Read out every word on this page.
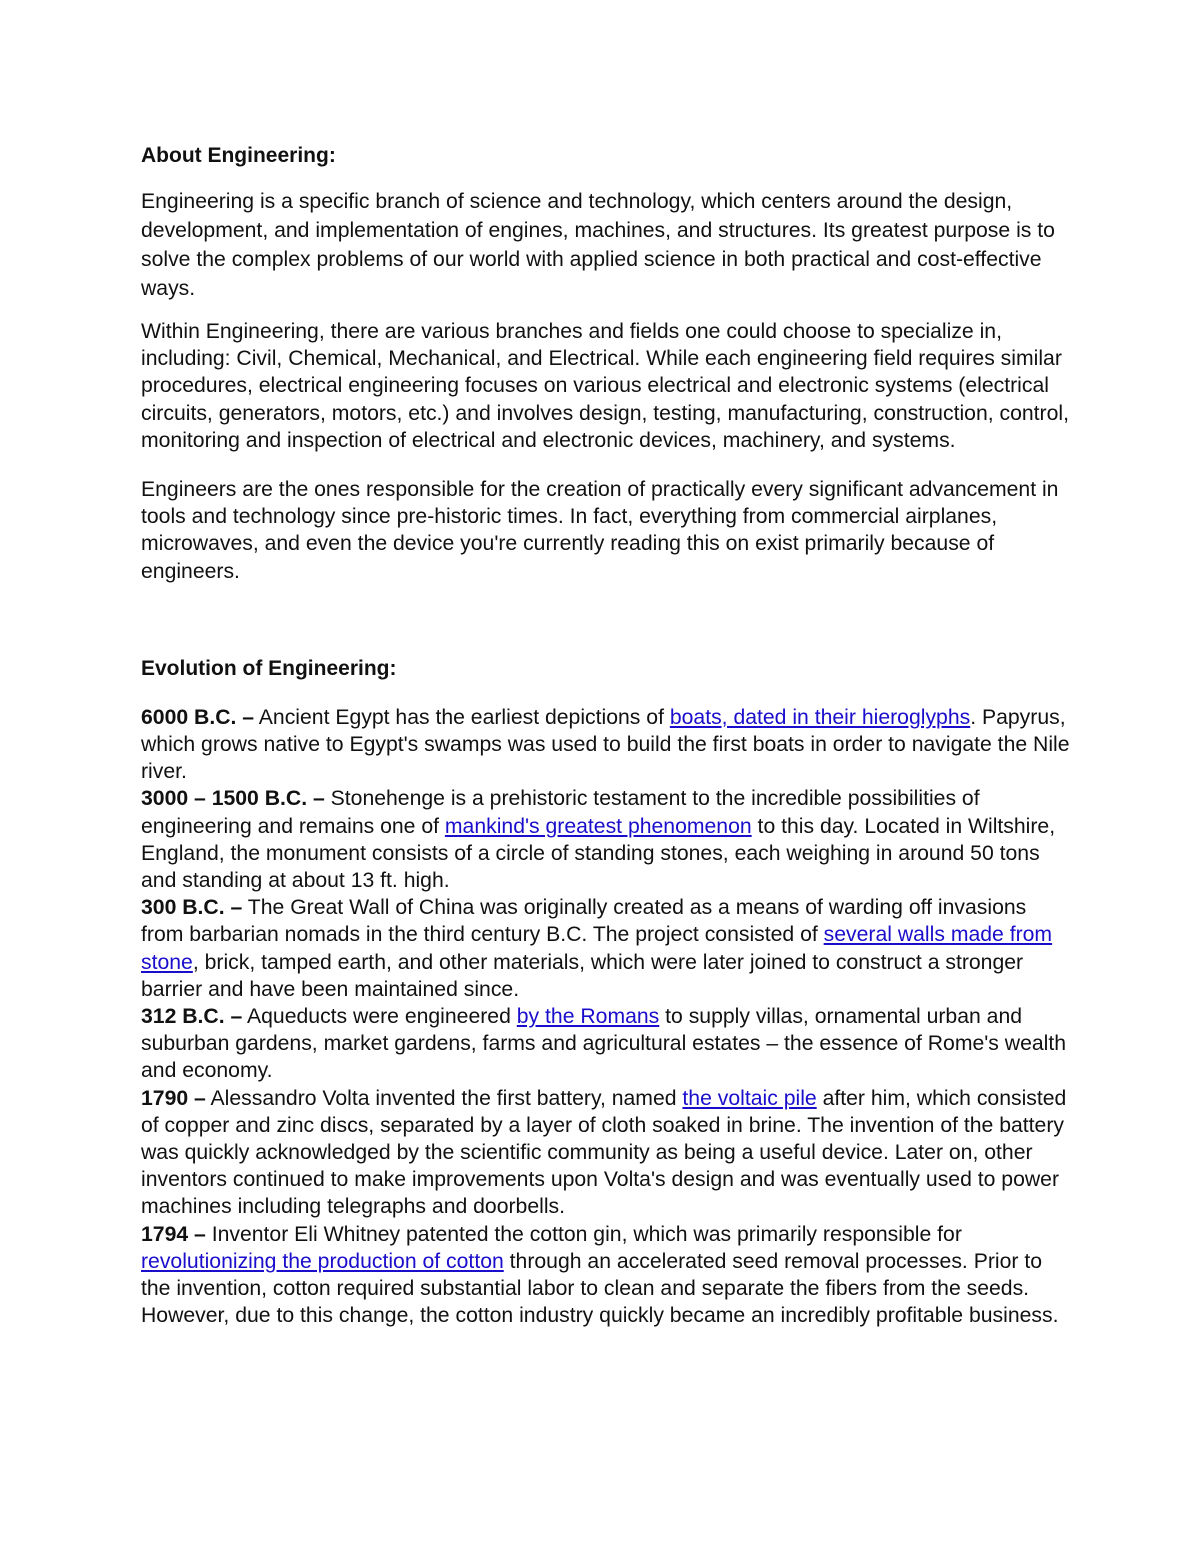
About Engineering:

Engineering is a specific branch of science and technology, which centers around the design, development, and implementation of engines, machines, and structures. Its greatest purpose is to solve the complex problems of our world with applied science in both practical and cost-effective ways.

Within Engineering, there are various branches and fields one could choose to specialize in, including: Civil, Chemical, Mechanical, and Electrical. While each engineering field requires similar procedures, electrical engineering focuses on various electrical and electronic systems (electrical circuits, generators, motors, etc.) and involves design, testing, manufacturing, construction, control, monitoring and inspection of electrical and electronic devices, machinery, and systems.

Engineers are the ones responsible for the creation of practically every significant advancement in tools and technology since pre-historic times. In fact, everything from commercial airplanes, microwaves, and even the device you're currently reading this on exist primarily because of engineers.

Evolution of Engineering:

6000 B.C. – Ancient Egypt has the earliest depictions of boats, dated in their hieroglyphs. Papyrus, which grows native to Egypt's swamps was used to build the first boats in order to navigate the Nile river.

3000 – 1500 B.C. – Stonehenge is a prehistoric testament to the incredible possibilities of engineering and remains one of mankind's greatest phenomenon to this day. Located in Wiltshire, England, the monument consists of a circle of standing stones, each weighing in around 50 tons and standing at about 13 ft. high.

300 B.C. – The Great Wall of China was originally created as a means of warding off invasions from barbarian nomads in the third century B.C. The project consisted of several walls made from stone, brick, tamped earth, and other materials, which were later joined to construct a stronger barrier and have been maintained since.

312 B.C. – Aqueducts were engineered by the Romans to supply villas, ornamental urban and suburban gardens, market gardens, farms and agricultural estates – the essence of Rome's wealth and economy.

1790 – Alessandro Volta invented the first battery, named the voltaic pile after him, which consisted of copper and zinc discs, separated by a layer of cloth soaked in brine. The invention of the battery was quickly acknowledged by the scientific community as being a useful device. Later on, other inventors continued to make improvements upon Volta's design and was eventually used to power machines including telegraphs and doorbells.

1794 – Inventor Eli Whitney patented the cotton gin, which was primarily responsible for revolutionizing the production of cotton through an accelerated seed removal processes. Prior to the invention, cotton required substantial labor to clean and separate the fibers from the seeds. However, due to this change, the cotton industry quickly became an incredibly profitable business.
